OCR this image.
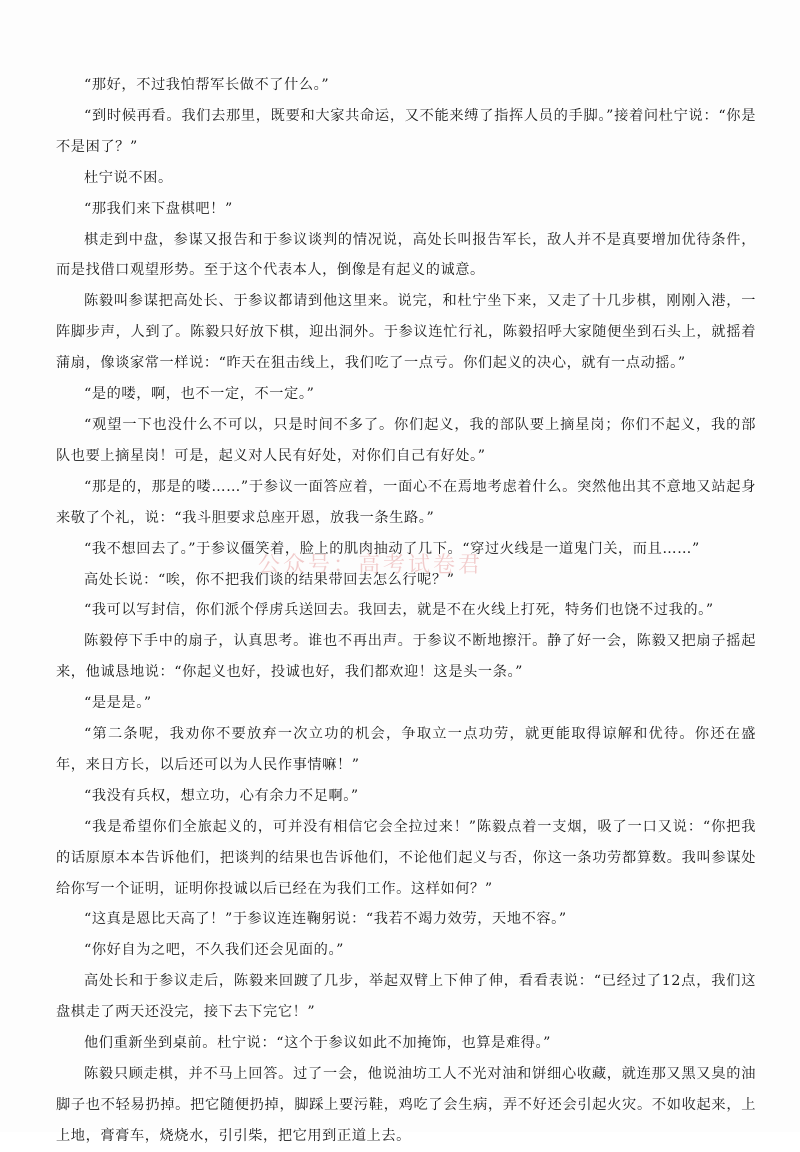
“那好，不过我怕帮军长做不了什么。”

“到时候再看。我们去那里，既要和大家共命运，又不能来缚了指挥人员的手脚。”接着问杜宁说：“你是不是困了？”

杜宁说不困。

“那我们来下盘棋吧！”

棋走到中盘，参谋又报告和于参议谈判的情况说，高处长叫报告军长，敌人并不是真要增加优待条件，而是找借口观望形势。至于这个代表本人，倒像是有起义的诚意。

陈毅叫参谋把高处长、于参议都请到他这里来。说完，和杜宁坐下来，又走了十几步棋，刚刚入港，一阵脚步声，人到了。陈毅只好放下棋，迎出洞外。于参议连忙行礼，陈毅招呼大家随便坐到石头上，就摇着蒲扇，像谈家常一样说：“昨天在狙击线上，我们吃了一点亏。你们起义的决心，就有一点动摇。”

“是的喽，啊，也不一定，不一定。”

“观望一下也没什么不可以，只是时间不多了。你们起义，我的部队要上摘星岗；你们不起义，我的部队也要上摘星岗！可是，起义对人民有好处，对你们自己有好处。”

“那是的，那是的喽……”于参议一面答应着，一面心不在焉地考虑着什么。突然他出其不意地又站起身来敬了个礼，说：“我斗胆要求总座开恩，放我一条生路。”

“我不想回去了。”于参议僵笑着，脸上的肌肉抽动了几下。“穿过火线是一道鬼门关，而且……”

高处长说：“唉，你不把我们谈的结果带回去怎么行呢？”

“我可以写封信，你们派个俘虏兵送回去。我回去，就是不在火线上打死，特务们也饶不过我的。”

陈毅停下手中的扇子，认真思考。谁也不再出声。于参议不断地擦汗。静了好一会，陈毅又把扇子摇起来，他诚恳地说：“你起义也好，投诚也好，我们都欢迎！这是头一条。”

“是是是。”

“第二条呢，我劝你不要放弃一次立功的机会，争取立一点功劳，就更能取得谅解和优待。你还在盛年，来日方长，以后还可以为人民作事情嘛！”

“我没有兵权，想立功，心有余力不足啊。”

“我是希望你们全旅起义的，可并没有相信它会全拉过来！”陈毅点着一支烟，吸了一口又说：“你把我的话原原本本告诉他们，把谈判的结果也告诉他们，不论他们起义与否，你这一条功劳都算数。我叫参谋处给你写一个证明，证明你投诚以后已经在为我们工作。这样如何？”

“这真是恩比天高了！”于参议连连鞠躬说：“我若不竭力效劳，天地不容。”

“你好自为之吧，不久我们还会见面的。”

高处长和于参议走后，陈毅来回踱了几步，举起双臂上下伸了伸，看看表说：“已经过了12点，我们这盘棋走了两天还没完，接下去下完它！”

他们重新坐到桌前。杜宁说：“这个于参议如此不加掩饰，也算是难得。”

陈毅只顾走棋，并不马上回答。过了一会，他说油坊工人不光对油和饼细心收藏，就连那又黑又臭的油脚子也不轻易扔掉。把它随便扔掉，脚踩上要污鞋，鸡吃了会生病，弄不好还会引起火灾。不如收起来，上上地，膏膏车，烧烧水，引引柴，把它用到正道上去。

公众号：高考试卷君
